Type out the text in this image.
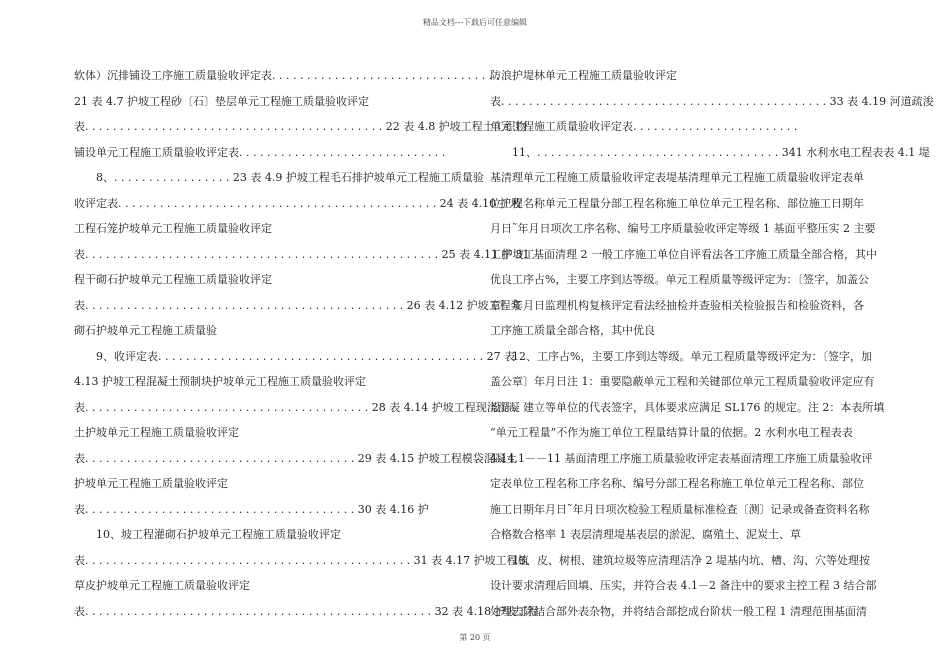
精品文档---下载后可任意编辑
软体）沉排铺设工序施工质量验收评定表. . . . . . . . . . . . . . . . . . . . . . . . . . . . . . . . .
21 表 4.7 护坡工程砂〔石〕垫层单元工程施工质量验收评定
表. . . . . . . . . . . . . . . . . . . . . . . . . . . . . . . . . . . . . . . . . . . 22 表 4.8 护坡工程土工织物
铺设单元工程施工质量验收评定表. . . . . . . . . . . . . . . . . . . . . . . . . . . . . .
8、. . . . . . . . . . . . . . . . . 23 表 4.9 护坡工程毛石排护坡单元工程施工质量验
收评定表. . . . . . . . . . . . . . . . . . . . . . . . . . . . . . . . . . . . . . . . . . . . . . 24 表 4.10 护坡
工程石笼护坡单元工程施工质量验收评定
表. . . . . . . . . . . . . . . . . . . . . . . . . . . . . . . . . . . . . . . . . . . . . . . . . . . 25 表 4.11 护坡工
程干砌石护坡单元工程施工质量验收评定
表. . . . . . . . . . . . . . . . . . . . . . . . . . . . . . . . . . . . . . . . . . . . . . 26 表 4.12 护坡工程浆
砌石护坡单元工程施工质量验
9、收评定表. . . . . . . . . . . . . . . . . . . . . . . . . . . . . . . . . . . . . . . . . . . . . . . 27 表
4.13 护坡工程混凝土预制块护坡单元工程施工质量验收评定
表. . . . . . . . . . . . . . . . . . . . . . . . . . . . . . . . . . . . . . . . . 28 表 4.14 护坡工程现浇混凝
土护坡单元工程施工质量验收评定
表. . . . . . . . . . . . . . . . . . . . . . . . . . . . . . . . . . . . . . . 29 表 4.15 护坡工程模袋混凝土
护坡单元工程施工质量验收评定
表. . . . . . . . . . . . . . . . . . . . . . . . . . . . . . . . . . . . . . . 30 表 4.16 护
10、坡工程灌砌石护坡单元工程施工质量验收评定
表. . . . . . . . . . . . . . . . . . . . . . . . . . . . . . . . . . . . . . . . . . . . . . . 31 表 4.17 护坡工程植
草皮护坡单元工程施工质量验收评定
表. . . . . . . . . . . . . . . . . . . . . . . . . . . . . . . . . . . . . . . . . . . . . . . . . . 32 表 4.18 护坡工程
防浪护堤林单元工程施工质量验收评定
表. . . . . . . . . . . . . . . . . . . . . . . . . . . . . . . . . . . . . . . . . . . . . . . 33 表 4.19 河道疏浚
单元工程施工质量验收评定表. . . . . . . . . . . . . . . . . . . . . . . .
11、. . . . . . . . . . . . . . . . . . . . . . . . . . . . . . . . . . . 341 水利水电工程表表 4.1 堤
基清理单元工程施工质量验收评定表堤基清理单元工程施工质量验收评定表单
位工程名称单元工程量分部工程名称施工单位单元工程名称、部位施工日期年
月日˜年月日项次工序名称、编号工序质量验收评定等级 1 基面平整压实 2 主要
工序 31 基面清理 2 一般工序施工单位自评看法各工序施工质量全部合格，其中
优良工序占%，主要工序到达等级。单元工程质量等级评定为：〔签字，加盖公
章〕年月日监理机构复核评定看法经抽检并查验相关检验报告和检验资料，各
工序施工质量全部合格，其中优良
12、工序占%，主要工序到达等级。单元工程质量等级评定为：〔签字，加
盖公章〕年月日注 1：重要隐蔽单元工程和关键部位单元工程质量验收评定应有
设计、建立等单位的代表签字，具体要求应满足 SL176 的规定。注 2：本表所填
“单元工程量”不作为施工单位工程量结算计量的依据。2 水利水电工程表表
4.14.1－－11 基面清理工序施工质量验收评定表基面清理工序施工质量验收评
定表单位工程名称工序名称、编号分部工程名称施工单位单元工程名称、部位
施工日期年月日˜年月日项次检验工程质量标准检查〔测〕记录或备查资料名称
合格数合格率 1 表层清理堤基表层的淤泥、腐殖土、泥炭土、草
13、皮、树根、建筑垃圾等应清理洁净 2 堤基内坑、槽、沟、穴等处理按
设计要求清理后回填、压实，并符合表 4.1－2 备注中的要求主控工程 3 结合部
处理去除结合部外表杂物，并将结合部挖成台阶状一般工程 1 清理范围基面清
第 20 页
